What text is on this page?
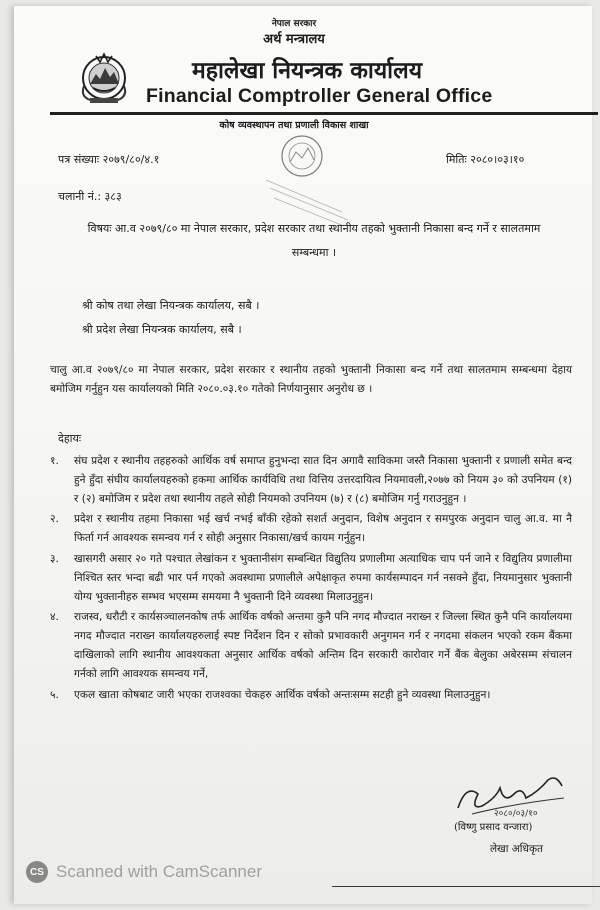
नेपाल सरकार
अर्थ मन्त्रालय
महालेखा नियन्त्रक कार्यालय
Financial Comptroller General Office
कोष व्यवस्थापन तथा प्रणाली विकास शाखा
पत्र संख्याः २०७९/८०/४.१	मितिः २०८०।०३।१०
चलानी नं.: ३८३
विषयः आ.व २०७९/८० मा नेपाल सरकार, प्रदेश सरकार तथा स्थानीय तहको भुक्तानी निकासा बन्द गर्ने र सालतमाम सम्बन्धमा ।
श्री कोष तथा लेखा नियन्त्रक कार्यालय, सबै ।
श्री प्रदेश लेखा नियन्त्रक कार्यालय, सबै ।
चालु आ.व २०७९/८० मा नेपाल सरकार, प्रदेश सरकार र स्थानीय तहको भुक्तानी निकासा बन्द गर्ने तथा सालतमाम सम्बन्धमा देहाय बमोजिम गर्नुहुन यस कार्यालयको मिति २०८०.०३.१० गतेको निर्णयानुसार अनुरोध छ ।
देहायः
१. संघ प्रदेश र स्थानीय तहहरुको आर्थिक वर्ष समाप्त हुनुभन्दा सात दिन अगावै साविकमा जस्तै निकासा भुक्तानी र प्रणाली समेत बन्द हुने हुँदा संघीय कार्यालयहरुको हकमा आर्थिक कार्यविधि तथा वित्तिय उत्तरदायित्व नियमावली,२०७७ को नियम ३० को उपनियम (१) र (२) बमोजिम र प्रदेश तथा स्थानीय तहले सोही नियमको उपनियम (७) र (८) बमोजिम गर्नु गराउनुहुन ।
२. प्रदेश र स्थानीय तहमा निकासा भई खर्च नभई बाँकी रहेको सशर्त अनुदान, विशेष अनुदान र समपुरक अनुदान चालु आ.व. मा नै फिर्ता गर्न आवश्यक समन्वय गर्न र सोही अनुसार निकासा/खर्च कायम गर्नुहुन।
३. खासगरी असार २० गते पश्चात लेखांकन र भुक्तानीसंग सम्बन्धित विद्युतिय प्रणालीमा अत्याधिक चाप पर्न जाने र विद्युतिय प्रणालीमा निश्चित स्तर भन्दा बढी भार पर्न गएको अवस्थामा प्रणालीले अपेक्षाकृत रुपमा कार्यसम्पादन गर्न नसक्ने हुँदा, नियमानुसार भुक्तानी योग्य भुक्तानीहरु सम्भव भएसम्म समयमा नै भुक्तानी दिने व्यवस्था मिलाउनुहुन।
४. राजस्व, धरौटी र कार्यसञ्चालनकोष तर्फ आर्थिक वर्षको अन्तमा कुनै पनि नगद मौज्दात नराख्न र जिल्ला स्थित कुनै पनि कार्यालयमा नगद मौज्दात नराख्न कार्यालयहरुलाई स्पष्ट निर्देशन दिन र सोको प्रभावकारी अनुगमन गर्न र नगदमा संकलन भएको रकम बैंकमा दाखिलाको लागि स्थानीय आवश्यकता अनुसार आर्थिक वर्षको अन्तिम दिन सरकारी कारोवार गर्ने बैंक बेलुका अबेरसम्म संचालन गर्नको लागि आवश्यक समन्वय गर्ने,
५. एकल खाता कोषबाट जारी भएका राजश्वका चेकहरु आर्थिक वर्षको अन्तःसम्म सटही हुने व्यवस्था मिलाउनुहुन।
२०८०/०३/१०
(विष्णु प्रसाद वन्जारा)
लेखा अधिकृत
CS Scanned with CamScanner
